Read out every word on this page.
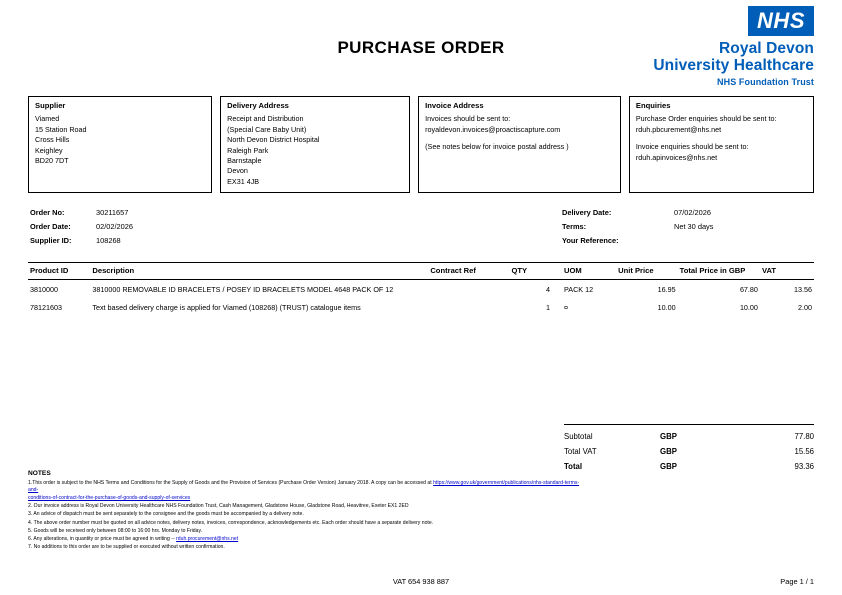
PURCHASE ORDER
NHS
Royal Devon
University Healthcare
NHS Foundation Trust
Supplier

Viamed

15 Station Road

Cross Hills

Keighley

BD20 7DT

Delivery Address

Receipt and Distribution

(Special Care Baby Unit)

North Devon District Hospital

Raleigh Park

Barnstaple

Devon

EX31 4JB

Invoice Address

Invoices should be sent to:

royaldevon.invoices@proactiscapture.com

(See notes below for invoice postal address )

Enquiries

Purchase Order enquiries should be sent to:

rduh.pbcurement@nhs.net

Invoice enquiries should be sent to:

rduh.apinvoices@nhs.net

Order No:	30211657
Order Date:	02/02/2026
Supplier ID:	108268
Delivery Date:	07/02/2026
Terms:	Net 30 days
Your Reference:
Product ID	Description	Contract Ref	QTY	UOM	Unit Price	Total Price in GBP	VAT
3810000	3810000 REMOVABLE ID BRACELETS / POSEY ID BRACELETS MODEL 4648 PACK OF 12		4	PACK 12	16.95	67.80	13.56
78121603	Text based delivery charge is applied for Viamed (108268) (TRUST) catalogue items		1	¤	10.00	10.00	2.00
Subtotal	GBP	77.80
Total VAT	GBP	15.56
Total	GBP	93.36
NOTES

1.This order is subject to the NHS Terms and Conditions for the Supply of Goods and the Provision of Services (Purchase Order Version) January 2018. A copy can be accessed at https://www.gov.uk/government/publications/nhs-standard-terms-and-

conditions-of-contract-for-the-purchase-of-goods-and-supply-of-services

2. Our invoice address is Royal Devon University Healthcare NHS Foundation Trust, Cash Management, Gladstone House, Gladstone Road, Heavitree, Exeter EX1 2ED

3. An advice of dispatch must be sent separately to the consignee and the goods must be accompanied by a delivery note.

4. The above order number must be quoted on all advice notes, delivery notes, invoices, correspondence, acknowledgements etc. Each order should have a separate delivery note.

5. Goods will be received only between 08:00 to 16:00 hrs. Monday to Friday.

6. Any alterations, in quantity or price must be agreed in writing -- rduh.procurement@nhs.net

7. No additions to this order are to be supplied or executed without written confirmation.

VAT 654 938 887	Page 1 / 1
